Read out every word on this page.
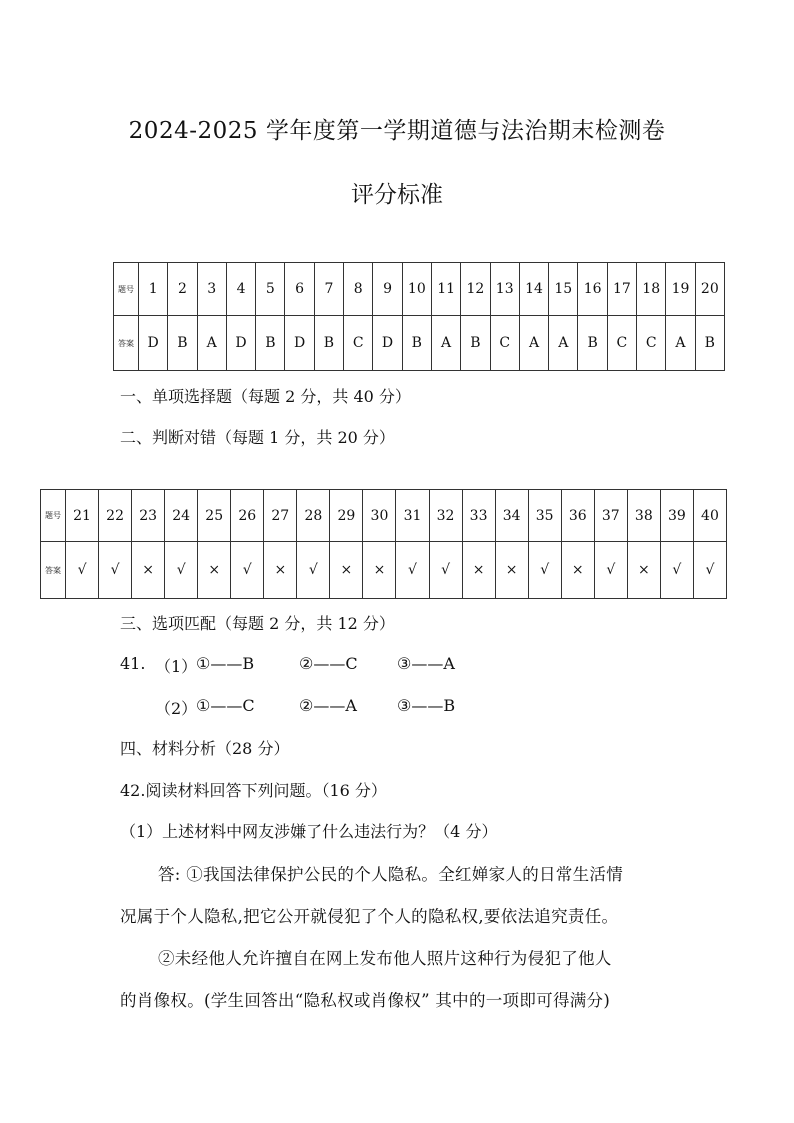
2024-2025 学年度第一学期道德与法治期末检测卷
评分标准
题号	1	2	3	4	5	6	7	8	9	10	11	12	13	14	15	16	17	18	19	20
答案	D	B	A	D	B	D	B	C	D	B	A	B	C	A	A	B	C	C	A	B
一、单项选择题（每题 2 分，共 40 分）
二、判断对错（每题 1 分，共 20 分）
题号	21	22	23	24	25	26	27	28	29	30	31	32	33	34	35	36	37	38	39	40
答案	√	√	×	√	×	√	×	√	×	×	√	√	×	×	√	×	√	×	√	√
三、选项匹配（每题 2 分，共 12 分）
41. （1）
①——B	②——C ③——A
（2）
①——C	②——A	③——B
四、材料分析（28 分）
42.阅读材料回答下列问题。（16 分）
（1）上述材料中网友涉嫌了什么违法行为？（4 分）
答: ①我国法律保护公民的个人隐私。全红婵家人的日常生活情
况属于个人隐私,把它公开就侵犯了个人的隐私权,要依法追究责任。
②未经他人允许擅自在网上发布他人照片这种行为侵犯了他人
的肖像权。(学生回答出“隐私权或肖像权” 其中的一项即可得满分)
